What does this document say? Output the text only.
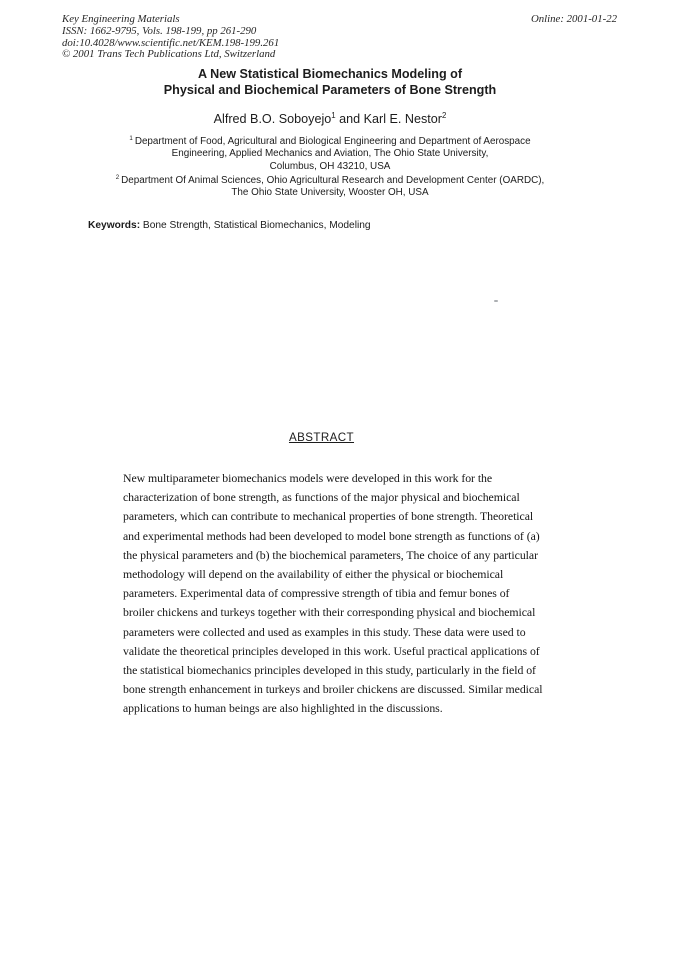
Key Engineering Materials
ISSN: 1662-9795, Vols. 198-199, pp 261-290
doi:10.4028/www.scientific.net/KEM.198-199.261
© 2001 Trans Tech Publications Ltd, Switzerland
Online: 2001-01-22
A New Statistical Biomechanics Modeling of
Physical and Biochemical Parameters of Bone Strength
Alfred B.O. Soboyejo$^1$ and Karl E. Nestor$^2$
$^1$ Department of Food, Agricultural and Biological Engineering and Department of Aerospace
Engineering, Applied Mechanics and Aviation, The Ohio State University,
Columbus, OH 43210, USA
$^2$ Department Of Animal Sciences, Ohio Agricultural Research and Development Center (OARDC),
The Ohio State University, Wooster OH, USA
Keywords: Bone Strength, Statistical Biomechanics, Modeling
ABSTRACT
New multiparameter biomechanics models were developed in this work for the
characterization of bone strength, as functions of the major physical and biochemical
parameters, which can contribute to mechanical properties of bone strength. Theoretical
and experimental methods had been developed to model bone strength as functions of (a)
the physical parameters and (b) the biochemical parameters, The choice of any particular
methodology will depend on the availability of either the physical or biochemical
parameters. Experimental data of compressive strength of tibia and femur bones of
broiler chickens and turkeys together with their corresponding physical and biochemical
parameters were collected and used as examples in this study. These data were used to
validate the theoretical principles developed in this work. Useful practical applications of
the statistical biomechanics principles developed in this study, particularly in the field of
bone strength enhancement in turkeys and broiler chickens are discussed. Similar medical
applications to human beings are also highlighted in the discussions.
